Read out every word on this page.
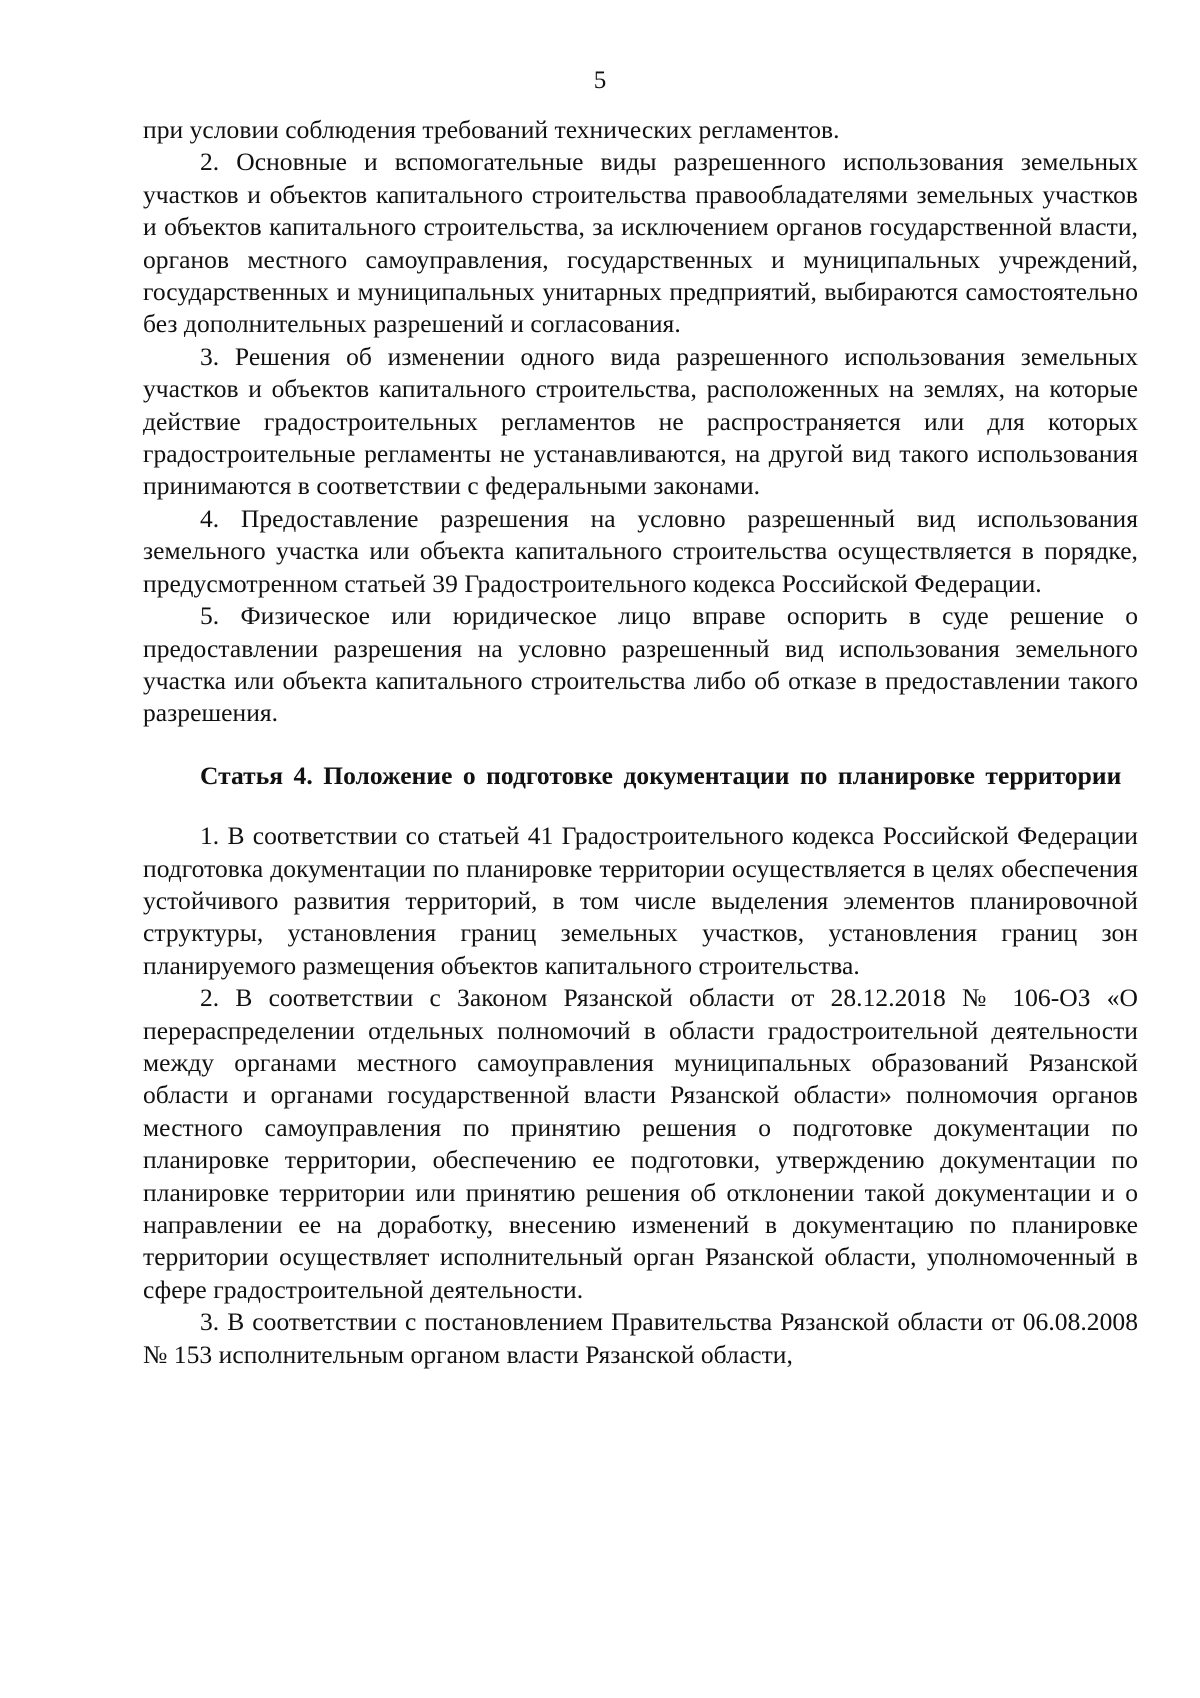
5

при условии соблюдения требований технических регламентов.

2. Основные и вспомогательные виды разрешенного использования земельных участков и объектов капитального строительства правообладателями земельных участков и объектов капитального строительства, за исключением органов государственной власти, органов местного самоуправления, государственных и муниципальных учреждений, государственных и муниципальных унитарных предприятий, выбираются самостоятельно без дополнительных разрешений и согласования.

3. Решения об изменении одного вида разрешенного использования земельных участков и объектов капитального строительства, расположенных на землях, на которые действие градостроительных регламентов не распространяется или для которых градостроительные регламенты не устанавливаются, на другой вид такого использования принимаются в соответствии с федеральными законами.

4. Предоставление разрешения на условно разрешенный вид использования земельного участка или объекта капитального строительства осуществляется в порядке, предусмотренном статьей 39 Градостроительного кодекса Российской Федерации.

5. Физическое или юридическое лицо вправе оспорить в суде решение о предоставлении разрешения на условно разрешенный вид использования земельного участка или объекта капитального строительства либо об отказе в предоставлении такого разрешения.

Статья 4. Положение о подготовке документации по планировке территории

1. В соответствии со статьей 41 Градостроительного кодекса Российской Федерации подготовка документации по планировке территории осуществляется в целях обеспечения устойчивого развития территорий, в том числе выделения элементов планировочной структуры, установления границ земельных участков, установления границ зон планируемого размещения объектов капитального строительства.

2. В соответствии с Законом Рязанской области от 28.12.2018 № 106-ОЗ «О перераспределении отдельных полномочий в области градостроительной деятельности между органами местного самоуправления муниципальных образований Рязанской области и органами государственной власти Рязанской области» полномочия органов местного самоуправления по принятию решения о подготовке документации по планировке территории, обеспечению ее подготовки, утверждению документации по планировке территории или принятию решения об отклонении такой документации и о направлении ее на доработку, внесению изменений в документацию по планировке территории осуществляет исполнительный орган Рязанской области, уполномоченный в сфере градостроительной деятельности.

3. В соответствии с постановлением Правительства Рязанской области от 06.08.2008 № 153 исполнительным органом власти Рязанской области,
